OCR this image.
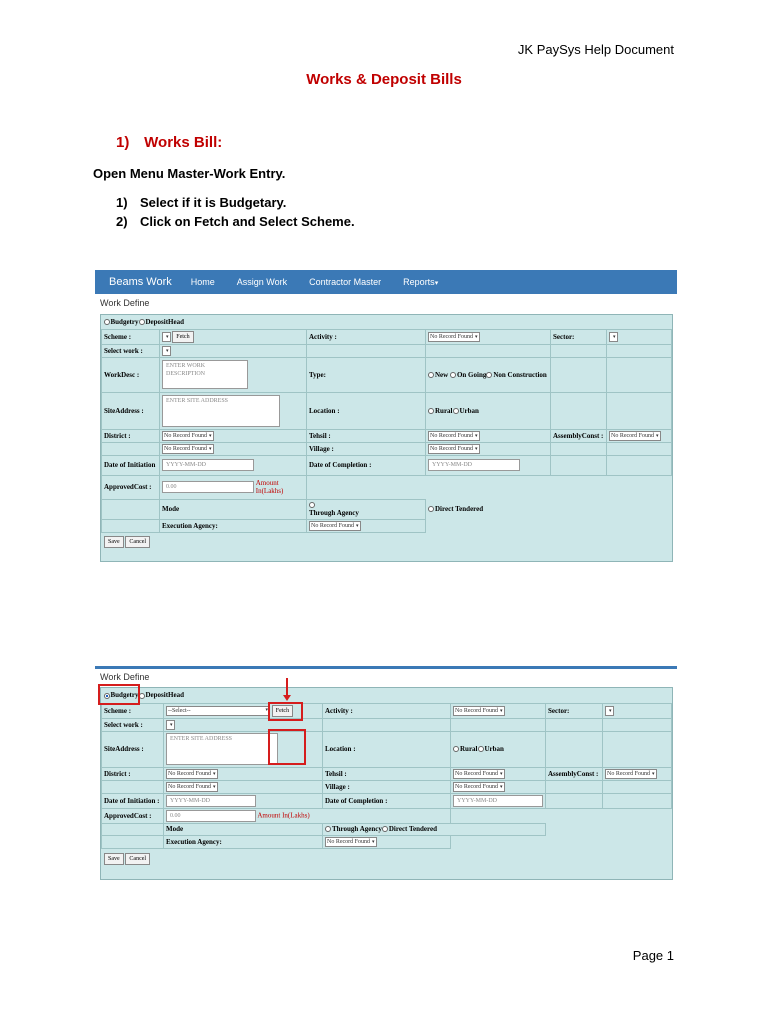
JK PaySys Help Document
Works & Deposit Bills
1) Works Bill:
Open Menu Master-Work Entry.
1) Select if it is Budgetary.
2) Click on Fetch and Select Scheme.
Beams Work	Home	Assign Work	Contractor Master	Reports▾
Work Define
Budgetry DepositHead					
Scheme :	▾ Fetch	Activity :	No Record Found ▾	Sector:	▾
Select work :	▾				
WorkDesc :	ENTER WORK DESCRIPTION	Type:	New On Going Non Construction		
SiteAddress :	ENTER SITE ADDRESS	Location :	Rural Urban		
District :	No Record Found ▾	Tehsil :	No Record Found ▾	AssemblyConst :	No Record Found ▾
	No Record Found ▾	Village :	No Record Found ▾		
Date of Initiation	YYYY-MM-DD	Date of Completion :	YYYY-MM-DD		
ApprovedCost :	0.00 Amount In(Lakhs)				
	Mode	Through Agency	Direct Tendered		
	Execution Agency:	No Record Found ▾			
Save Cancel
Work Define
Budgetry DepositHead					
Scheme :	--Select-- ▾ Fetch	Activity :	No Record Found ▾	Sector:	▾
Select work :	▾				
SiteAddress :	ENTER SITE ADDRESS	Location :	Rural Urban		
District :	No Record Found ▾	Tehsil :	No Record Found ▾	AssemblyConst :	No Record Found ▾
	No Record Found ▾	Village :	No Record Found ▾		
Date of Initiation :	YYYY-MM-DD	Date of Completion :	YYYY-MM-DD		
ApprovedCost :	0.00 Amount In(Lakhs)				
	Mode	Through Agency Direct Tendered			
	Execution Agency:	No Record Found ▾			
Save Cancel
Page 1
